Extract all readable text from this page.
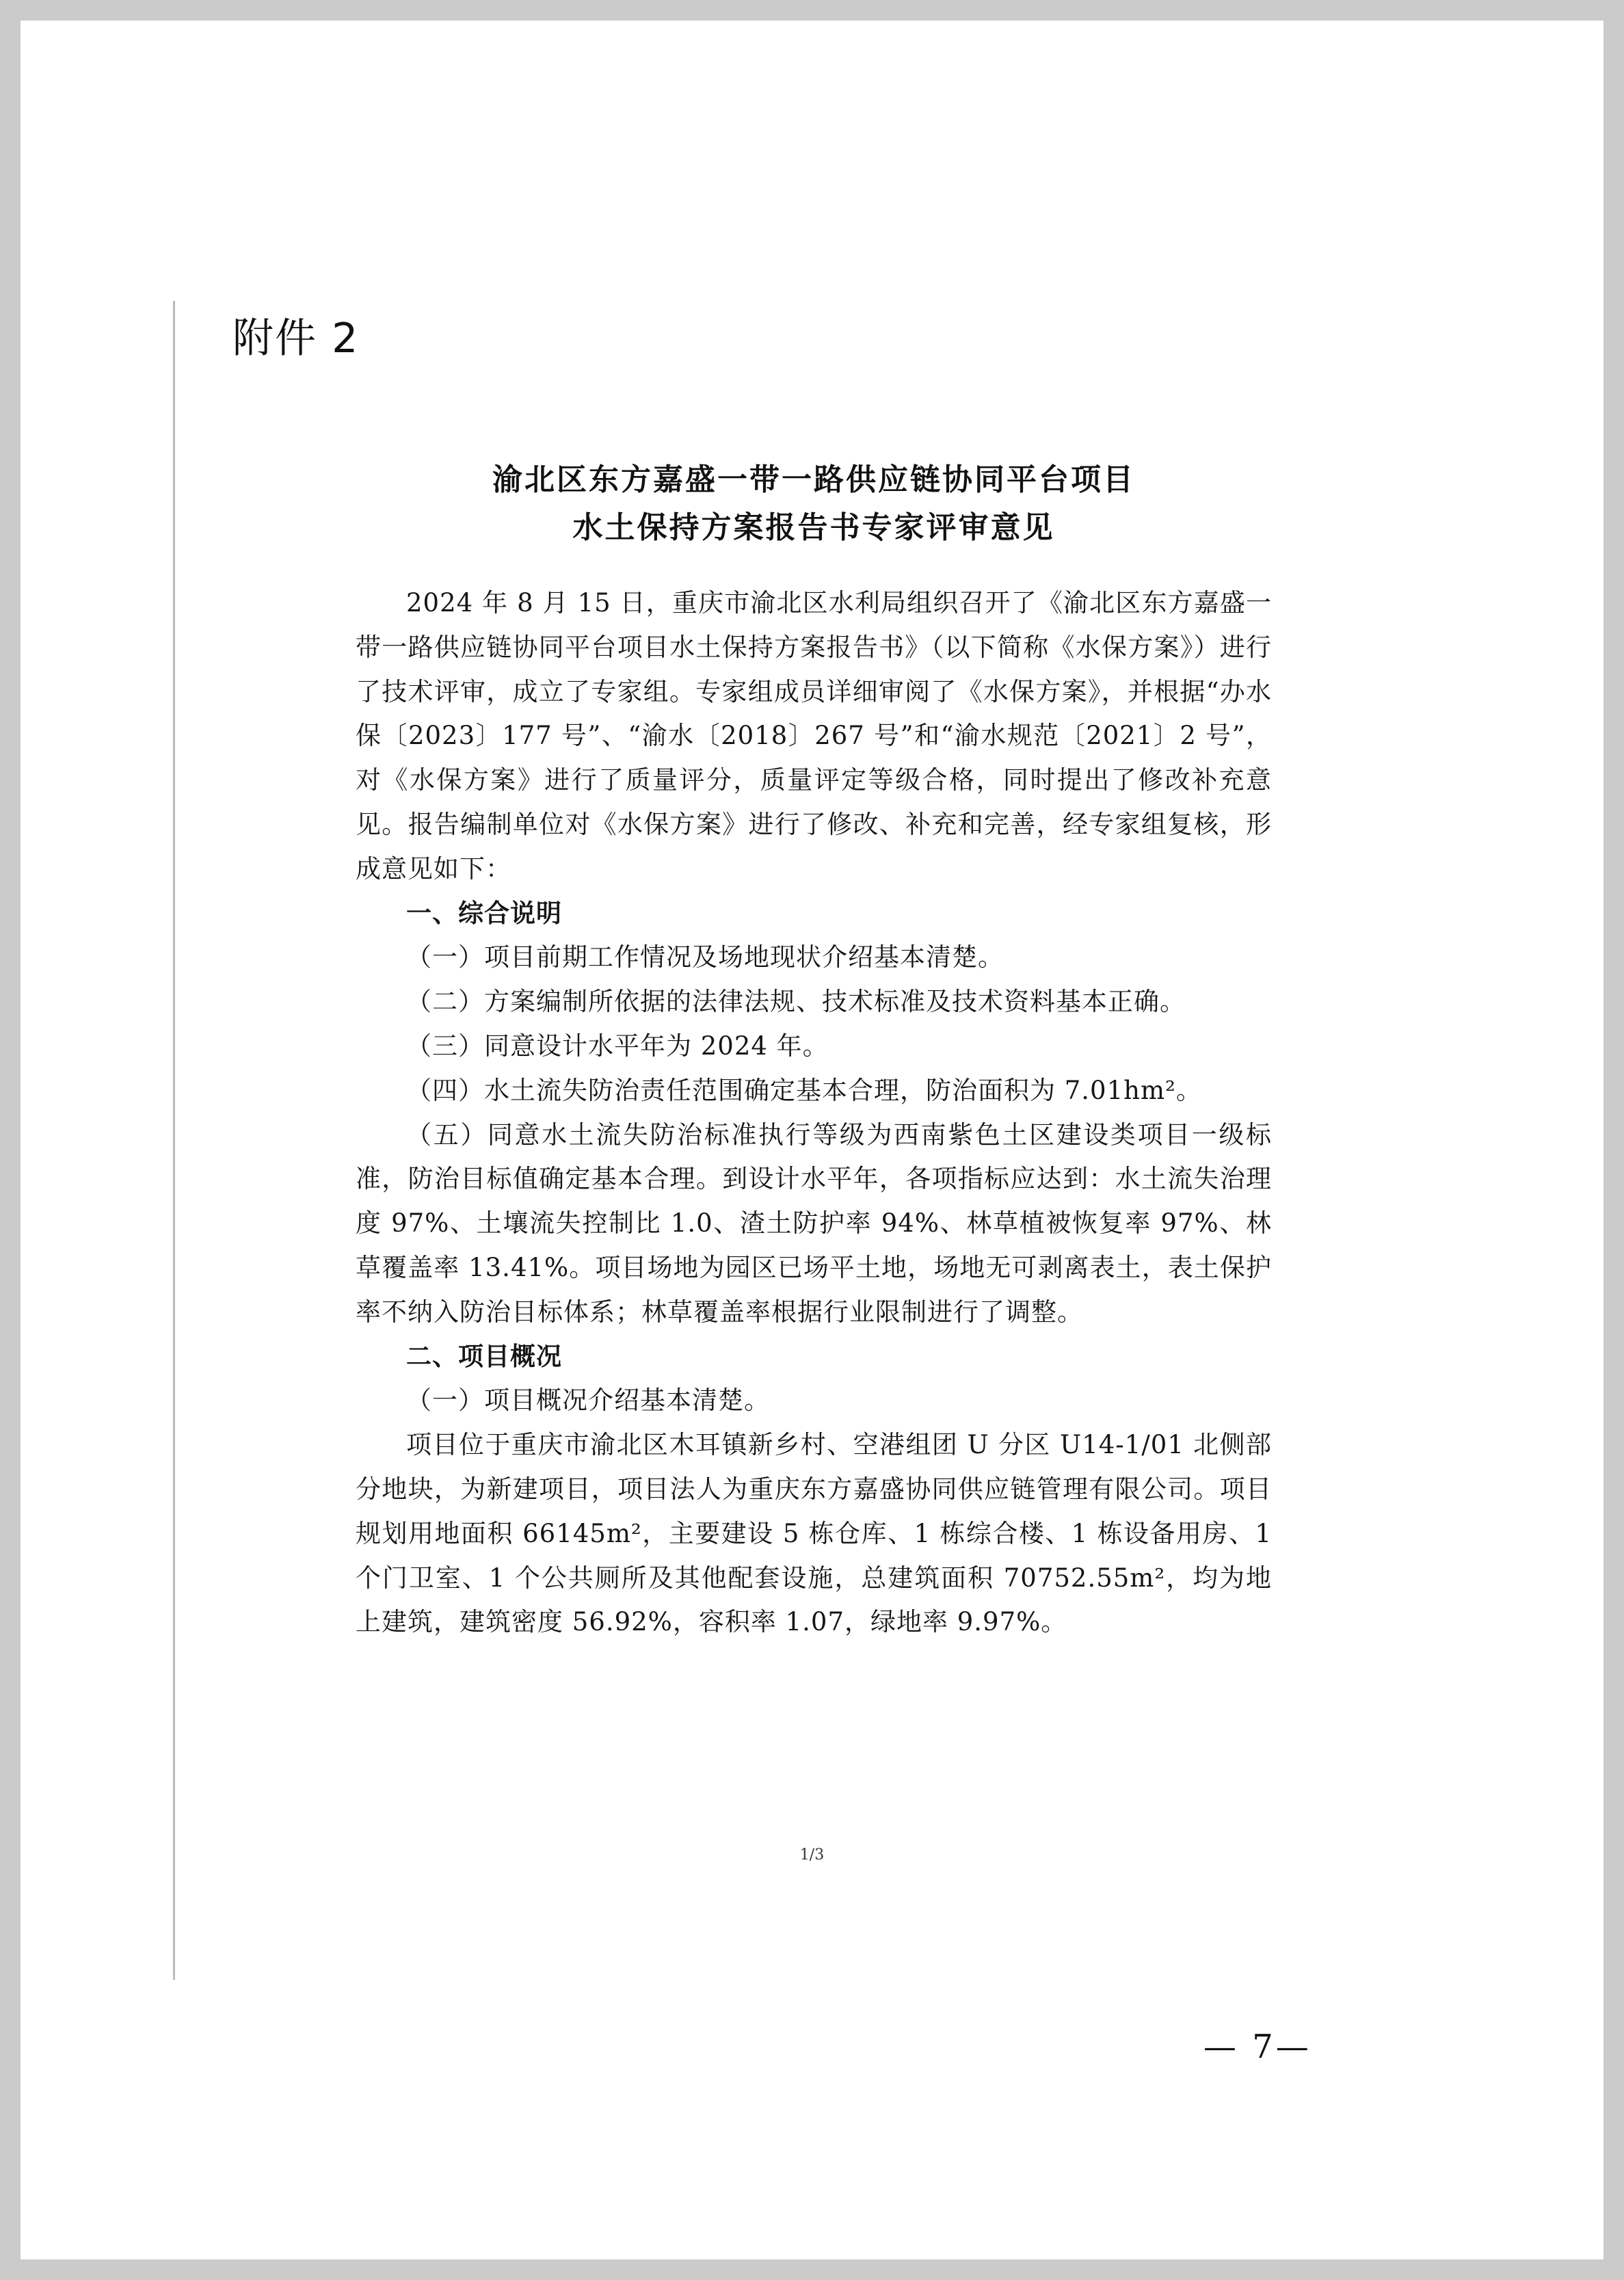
附件 2
渝北区东方嘉盛一带一路供应链协同平台项目
水土保持方案报告书专家评审意见

2024 年 8 月 15 日，重庆市渝北区水利局组织召开了《渝北区东方嘉盛一带一路供应链协同平台项目水土保持方案报告书》（以下简称《水保方案》）进行了技术评审，成立了专家组。专家组成员详细审阅了《水保方案》，并根据“办水保〔2023〕177 号”、“渝水〔2018〕267 号”和“渝水规范〔2021〕2 号”，对《水保方案》进行了质量评分，质量评定等级合格，同时提出了修改补充意见。报告编制单位对《水保方案》进行了修改、补充和完善，经专家组复核，形成意见如下：

一、综合说明

（一）项目前期工作情况及场地现状介绍基本清楚。

（二）方案编制所依据的法律法规、技术标准及技术资料基本正确。

（三）同意设计水平年为 2024 年。

（四）水土流失防治责任范围确定基本合理，防治面积为 7.01hm²。

（五）同意水土流失防治标准执行等级为西南紫色土区建设类项目一级标准，防治目标值确定基本合理。到设计水平年，各项指标应达到：水土流失治理度 97%、土壤流失控制比 1.0、渣土防护率 94%、林草植被恢复率 97%、林草覆盖率 13.41%。项目场地为园区已场平土地，场地无可剥离表土，表土保护率不纳入防治目标体系；林草覆盖率根据行业限制进行了调整。

二、项目概况

（一）项目概况介绍基本清楚。

项目位于重庆市渝北区木耳镇新乡村、空港组团 U 分区 U14-1/01 北侧部分地块，为新建项目，项目法人为重庆东方嘉盛协同供应链管理有限公司。项目规划用地面积 66145m²，主要建设 5 栋仓库、1 栋综合楼、1 栋设备用房、1 个门卫室、1 个公共厕所及其他配套设施，总建筑面积 70752.55m²，均为地上建筑，建筑密度 56.92%，容积率 1.07，绿地率 9.97%。

1/3
— 7—
